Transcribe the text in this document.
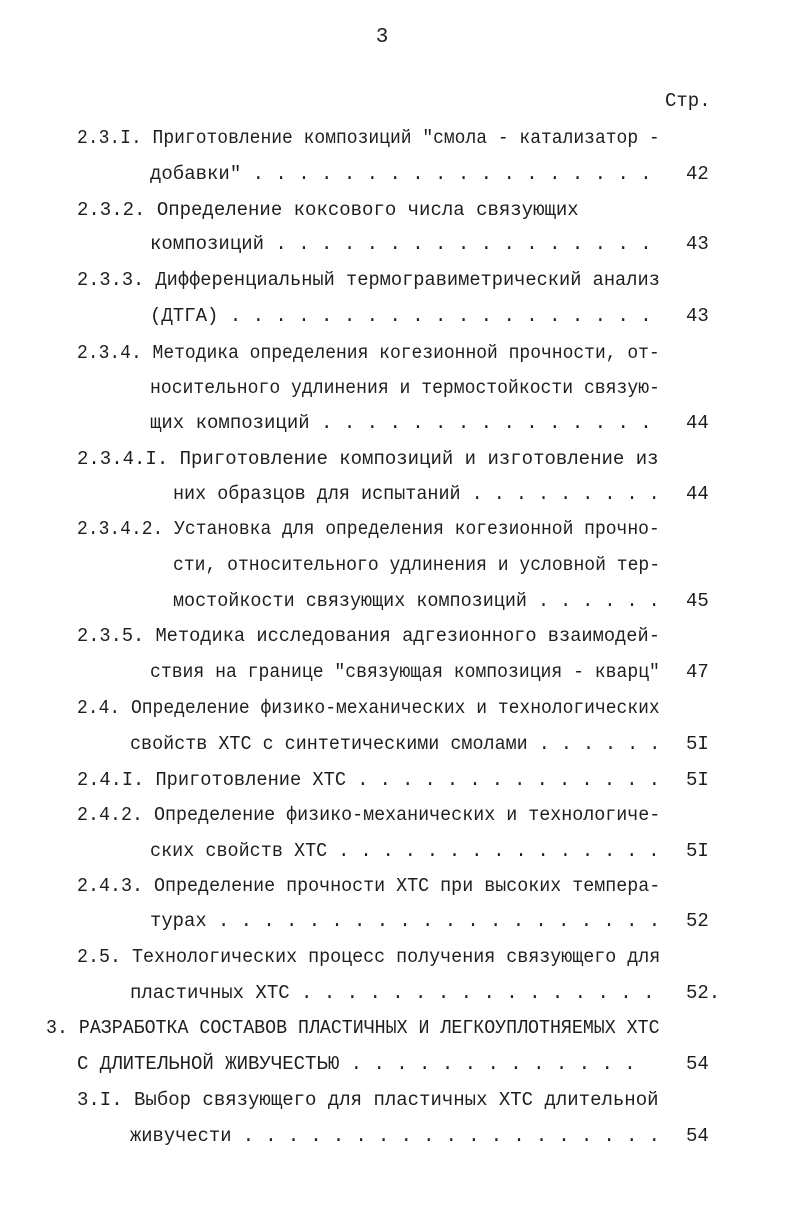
3
Стр.
2.3.I. Приготовление композиций "смола - катализатор -
добавки" . . . . . . . . . . . . . . . . . . 42
2.3.2. Определение коксового числа связующих
композиций . . . . . . . . . . . . . . . . . 43
2.3.3. Дифференциальный термогравиметрический анализ
(ДТГА) . . . . . . . . . . . . . . . . . . . 43
2.3.4. Методика определения когезионной прочности, от-
носительного удлинения и термостойкости связую-
щих композиций . . . . . . . . . . . . . . . 44
2.3.4.I. Приготовление композиций и изготовление из
них образцов для испытаний . . . . . . . . . 44
2.3.4.2. Установка для определения когезионной прочно-
сти, относительного удлинения и условной тер-
мостойкости связующих композиций . . . . . . 45
2.3.5. Методика исследования адгезионного взаимодей-
ствия на границе "связующая композиция - кварц" 47
2.4. Определение физико-механических и технологических
свойств ХТС с синтетическими смолами . . . . . . 5I
2.4.I. Приготовление ХТС . . . . . . . . . . . . . . 5I
2.4.2. Определение физико-механических и технологиче-
ских свойств ХТС . . . . . . . . . . . . . . . 5I
2.4.3. Определение прочности ХТС при высоких темпера-
турах . . . . . . . . . . . . . . . . . . . . 52
2.5. Технологических процесс получения связующего для
пластичных ХТС . . . . . . . . . . . . . . . . 52.
3. РАЗРАБОТКА СОСТАВОВ ПЛАСТИЧНЫХ И ЛЕГКОУПЛОТНЯЕМЫХ ХТС
С ДЛИТЕЛЬНОЙ ЖИВУЧЕСТЬЮ . . . . . . . . . . . . .	54
3.I. Выбор связующего для пластичных ХТС длительной
живучести . . . . . . . . . . . . . . . . . . . 54
